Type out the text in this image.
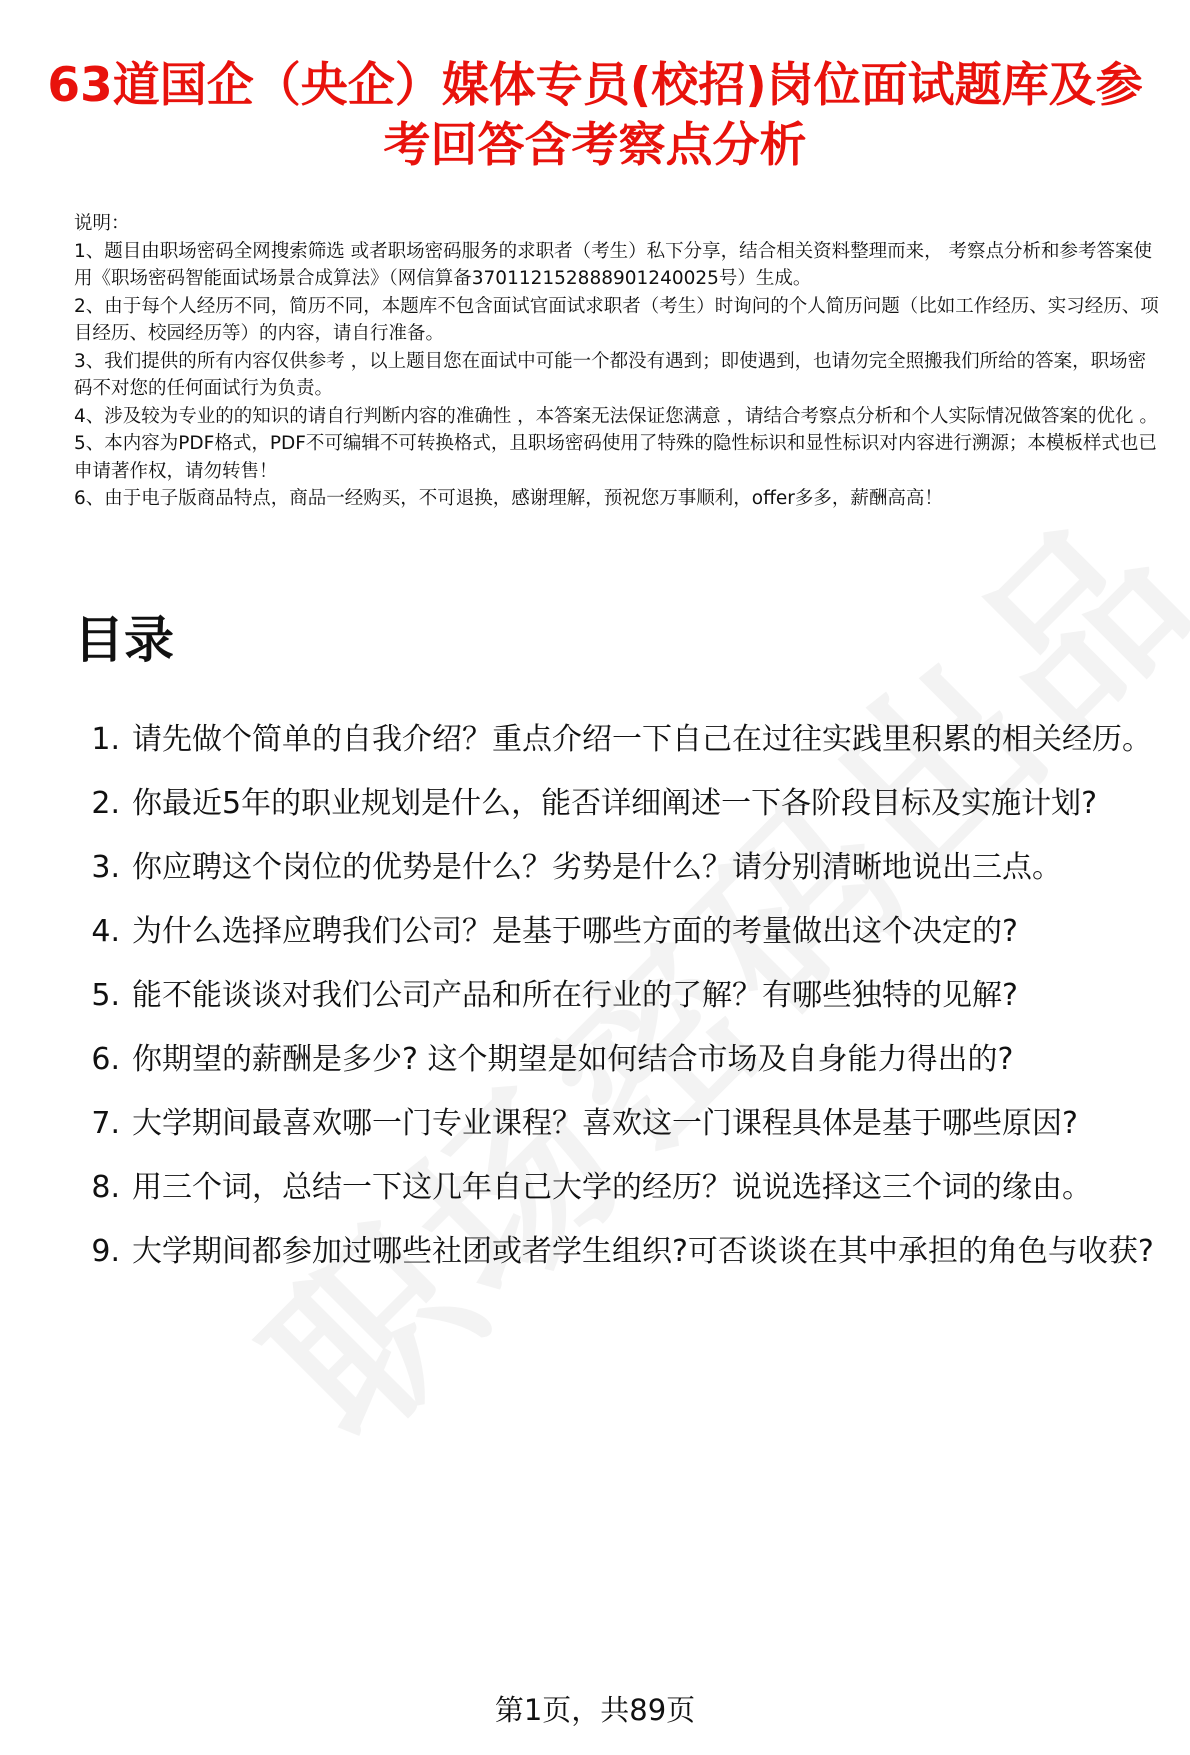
63道国企（央企）媒体专员(校招)岗位面试题库及参考回答含考察点分析

说明：

1、题目由职场密码全网搜索筛选 或者职场密码服务的求职者（考生）私下分享，结合相关资料整理而来， 考察点分析和参考答案使用《职场密码智能面试场景合成算法》（网信算备370112152888901240025号）生成。

2、由于每个人经历不同，简历不同，本题库不包含面试官面试求职者（考生）时询问的个人简历问题（比如工作经历、实习经历、项目经历、校园经历等）的内容，请自行准备。

3、我们提供的所有内容仅供参考 ，以上题目您在面试中可能一个都没有遇到；即使遇到，也请勿完全照搬我们所给的答案，职场密码不对您的任何面试行为负责。

4、涉及较为专业的的知识的请自行判断内容的准确性 ，本答案无法保证您满意 ，请结合考察点分析和个人实际情况做答案的优化 。

5、本内容为PDF格式，PDF不可编辑不可转换格式，且职场密码使用了特殊的隐性标识和显性标识对内容进行溯源；本模板样式也已申请著作权，请勿转售！

6、由于电子版商品特点，商品一经购买，不可退换，感谢理解，预祝您万事顺利，offer多多，薪酬高高！

目录
1. 请先做个简单的自我介绍？重点介绍一下自己在过往实践里积累的相关经历。
2. 你最近5年的职业规划是什么，能否详细阐述一下各阶段目标及实施计划?
3. 你应聘这个岗位的优势是什么？劣势是什么？请分别清晰地说出三点。
4. 为什么选择应聘我们公司？是基于哪些方面的考量做出这个决定的?
5. 能不能谈谈对我们公司产品和所在行业的了解？有哪些独特的见解?
6. 你期望的薪酬是多少? 这个期望是如何结合市场及自身能力得出的?
7. 大学期间最喜欢哪一门专业课程？喜欢这一门课程具体是基于哪些原因?
8. 用三个词，总结一下这几年自己大学的经历？说说选择这三个词的缘由。
9. 大学期间都参加过哪些社团或者学生组织?可否谈谈在其中承担的角色与收获?
第1页，共89页
